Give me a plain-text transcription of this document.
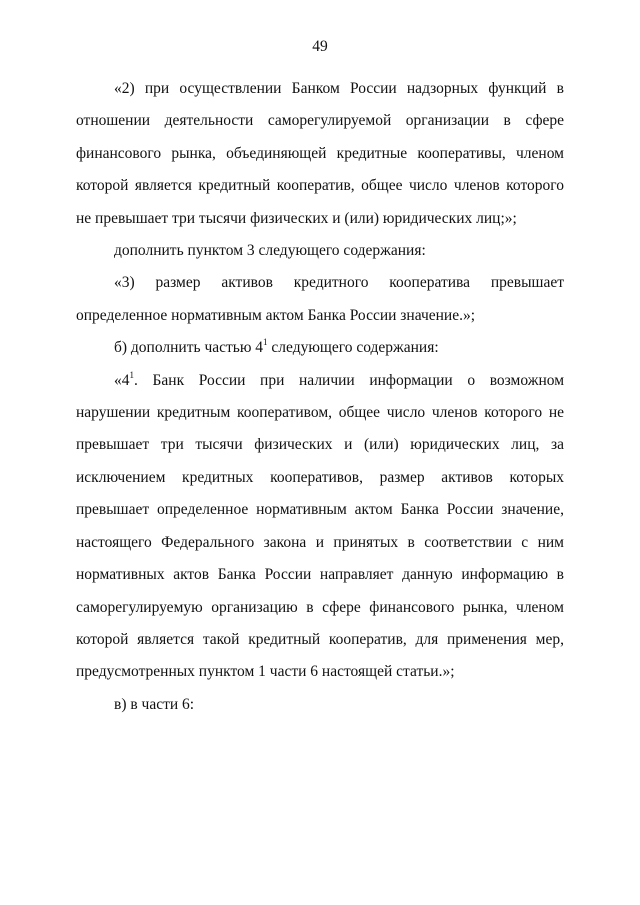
49

«2) при осуществлении Банком России надзорных функций в отношении деятельности саморегулируемой организации в сфере финансового рынка, объединяющей кредитные кооперативы, членом которой является кредитный кооператив, общее число членов которого не превышает три тысячи физических и (или) юридических лиц;»;

дополнить пунктом 3 следующего содержания:

«3) размер активов кредитного кооператива превышает определенное нормативным актом Банка России значение.»;

б) дополнить частью $4^1$ следующего содержания:

«$4^1$. Банк России при наличии информации о возможном нарушении кредитным кооперативом, общее число членов которого не превышает три тысячи физических и (или) юридических лиц, за исключением кредитных кооперативов, размер активов которых превышает определенное нормативным актом Банка России значение, настоящего Федерального закона и принятых в соответствии с ним нормативных актов Банка России направляет данную информацию в саморегулируемую организацию в сфере финансового рынка, членом которой является такой кредитный кооператив, для применения мер, предусмотренных пунктом 1 части 6 настоящей статьи.»;

в) в части 6:
